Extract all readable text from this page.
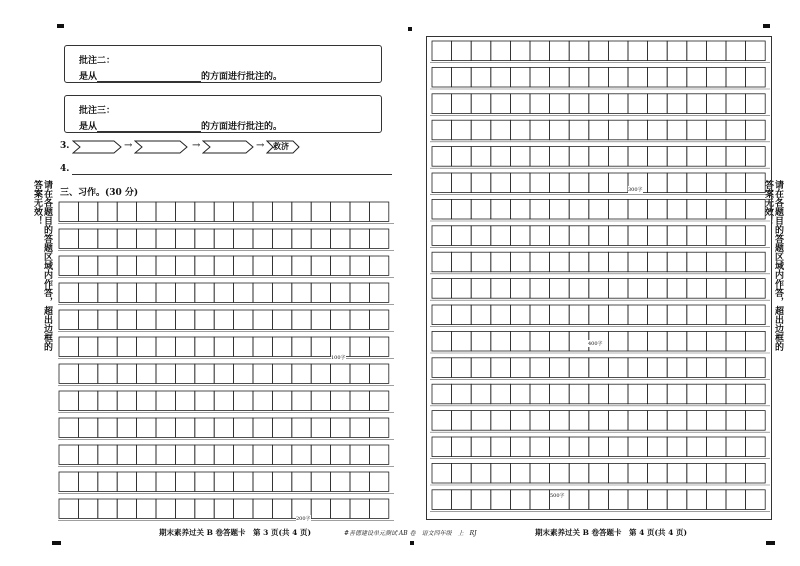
请在各题目的答题区域内作答，超出边框的答案无效！	请在各题目的答题区域内作答，超出边框的答案无效！
批注二：
是从	的方面进行批注的。
批注三：
是从	的方面进行批注的。
3.	→	→	→ 救济
4.
三、习作。(30 分)
100字
200字
300字
400字
500字
期末素养过关 B 卷答题卡　第 3 页(共 4 页)	#善德建设单元测试 AB 卷　语文四年级　上　RJ	期末素养过关 B 卷答题卡　第 4 页(共 4 页)
